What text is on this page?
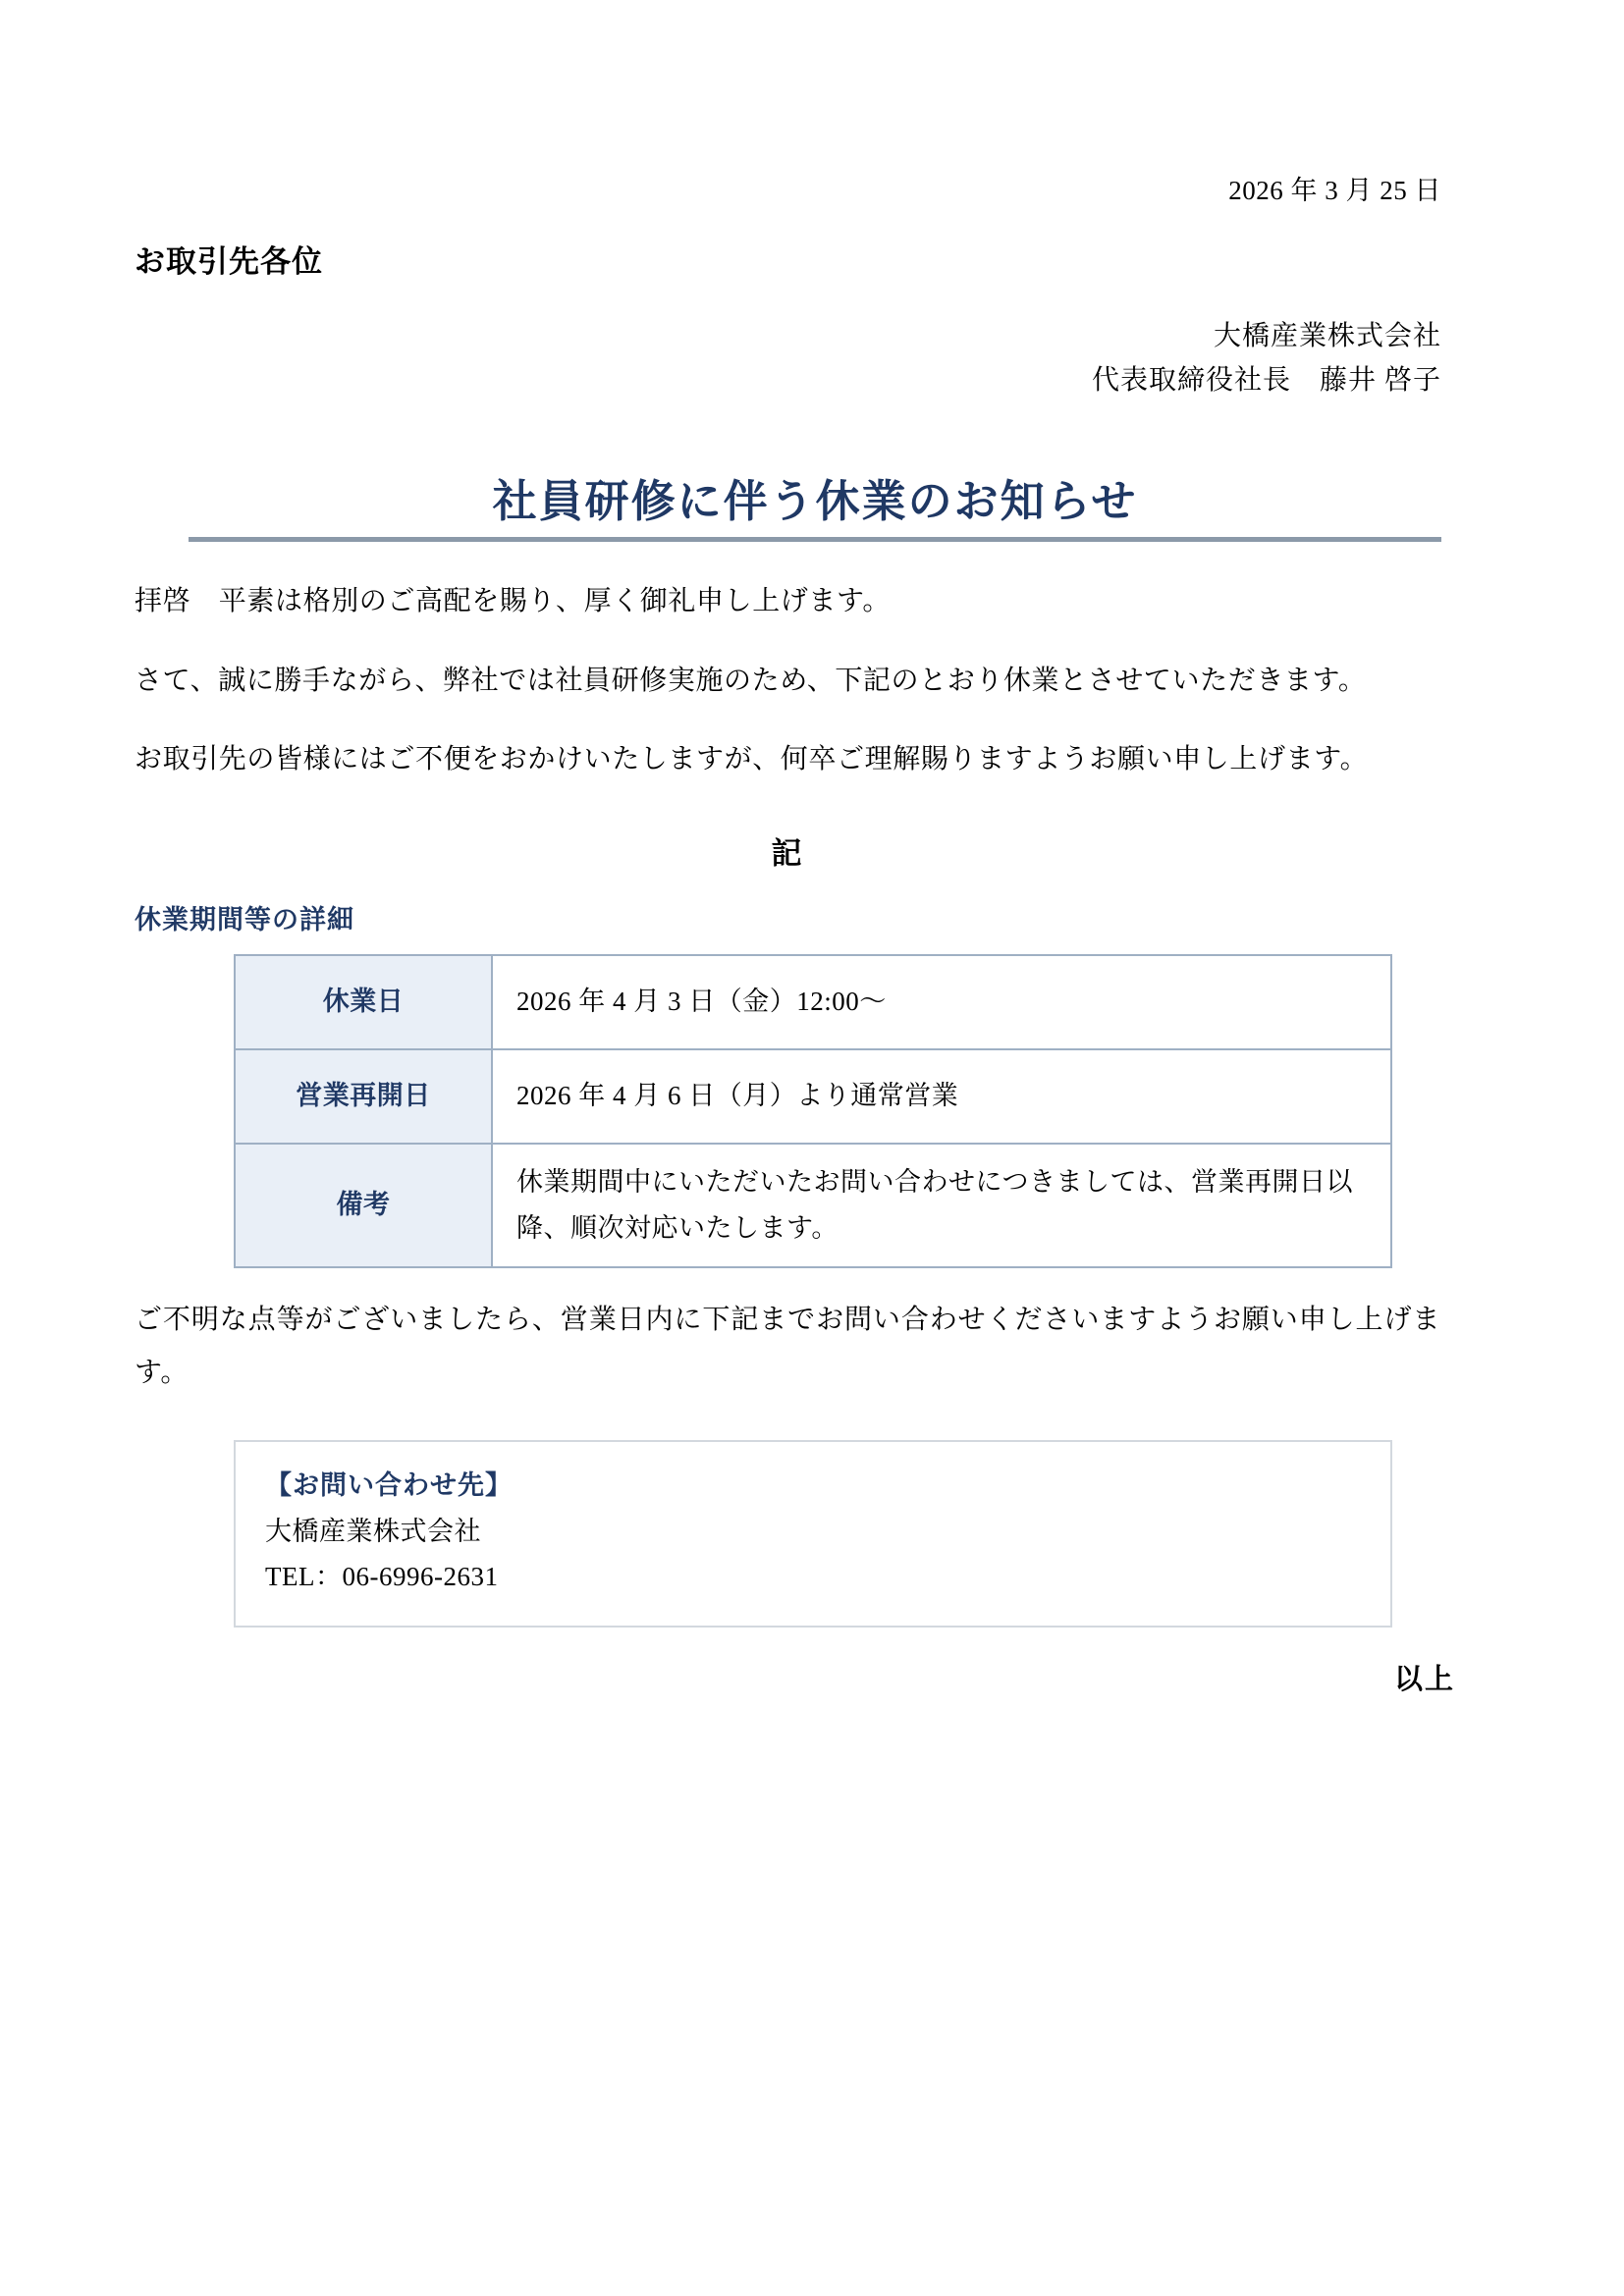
2026 年 3 月 25 日
お取引先各位
大橋産業株式会社
代表取締役社長　藤井 啓子
社員研修に伴う休業のお知らせ
拝啓　平素は格別のご高配を賜り、厚く御礼申し上げます。
さて、誠に勝手ながら、弊社では社員研修実施のため、下記のとおり休業とさせていただきます。
お取引先の皆様にはご不便をおかけいたしますが、何卒ご理解賜りますようお願い申し上げます。
記
休業期間等の詳細
休業日	2026 年 4 月 3 日（金）12:00〜
営業再開日	2026 年 4 月 6 日（月）より通常営業
備考	休業期間中にいただいたお問い合わせにつきましては、営業再開日以降、順次対応いたします。
ご不明な点等がございましたら、営業日内に下記までお問い合わせくださいますようお願い申し上げます。
【お問い合わせ先】
大橋産業株式会社
TEL：06-6996-2631
以上
